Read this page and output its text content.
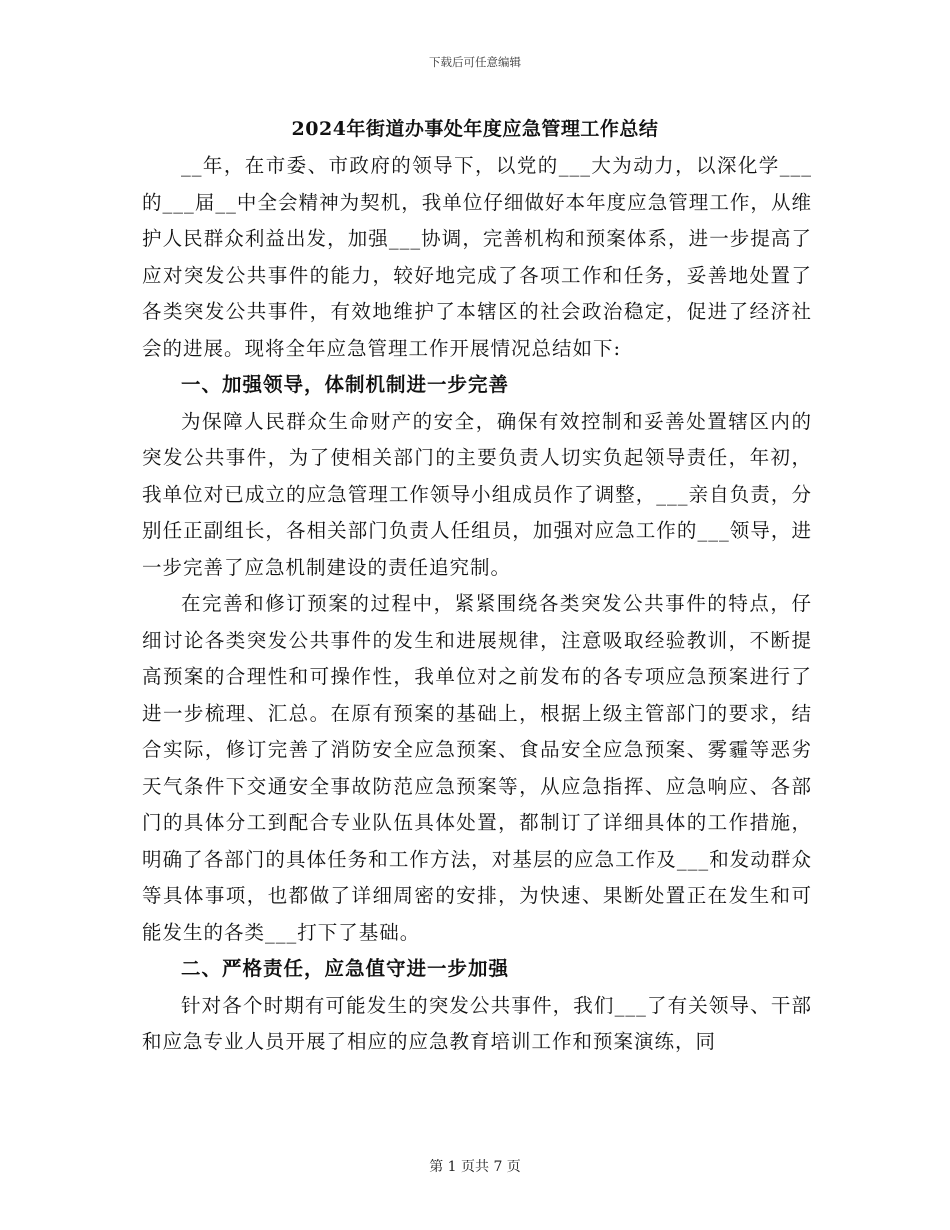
下载后可任意编辑
2024年街道办事处年度应急管理工作总结

__年，在市委、市政府的领导下，以党的___大为动力，以深化学___的___届__中全会精神为契机，我单位仔细做好本年度应急管理工作，从维护人民群众利益出发，加强___协调，完善机构和预案体系，进一步提高了应对突发公共事件的能力，较好地完成了各项工作和任务，妥善地处置了各类突发公共事件，有效地维护了本辖区的社会政治稳定，促进了经济社会的进展。现将全年应急管理工作开展情况总结如下:

一、加强领导，体制机制进一步完善

为保障人民群众生命财产的安全，确保有效控制和妥善处置辖区内的突发公共事件，为了使相关部门的主要负责人切实负起领导责任，年初，我单位对已成立的应急管理工作领导小组成员作了调整，___亲自负责，分别任正副组长，各相关部门负责人任组员，加强对应急工作的___领导，进一步完善了应急机制建设的责任追究制。

在完善和修订预案的过程中，紧紧围绕各类突发公共事件的特点，仔细讨论各类突发公共事件的发生和进展规律，注意吸取经验教训，不断提高预案的合理性和可操作性，我单位对之前发布的各专项应急预案进行了进一步梳理、汇总。在原有预案的基础上，根据上级主管部门的要求，结合实际，修订完善了消防安全应急预案、食品安全应急预案、雾霾等恶劣天气条件下交通安全事故防范应急预案等，从应急指挥、应急响应、各部门的具体分工到配合专业队伍具体处置，都制订了详细具体的工作措施，明确了各部门的具体任务和工作方法，对基层的应急工作及___和发动群众等具体事项，也都做了详细周密的安排，为快速、果断处置正在发生和可能发生的各类___打下了基础。

二、严格责任，应急值守进一步加强

针对各个时期有可能发生的突发公共事件，我们___了有关领导、干部和应急专业人员开展了相应的应急教育培训工作和预案演练，同

第 1 页共 7 页
